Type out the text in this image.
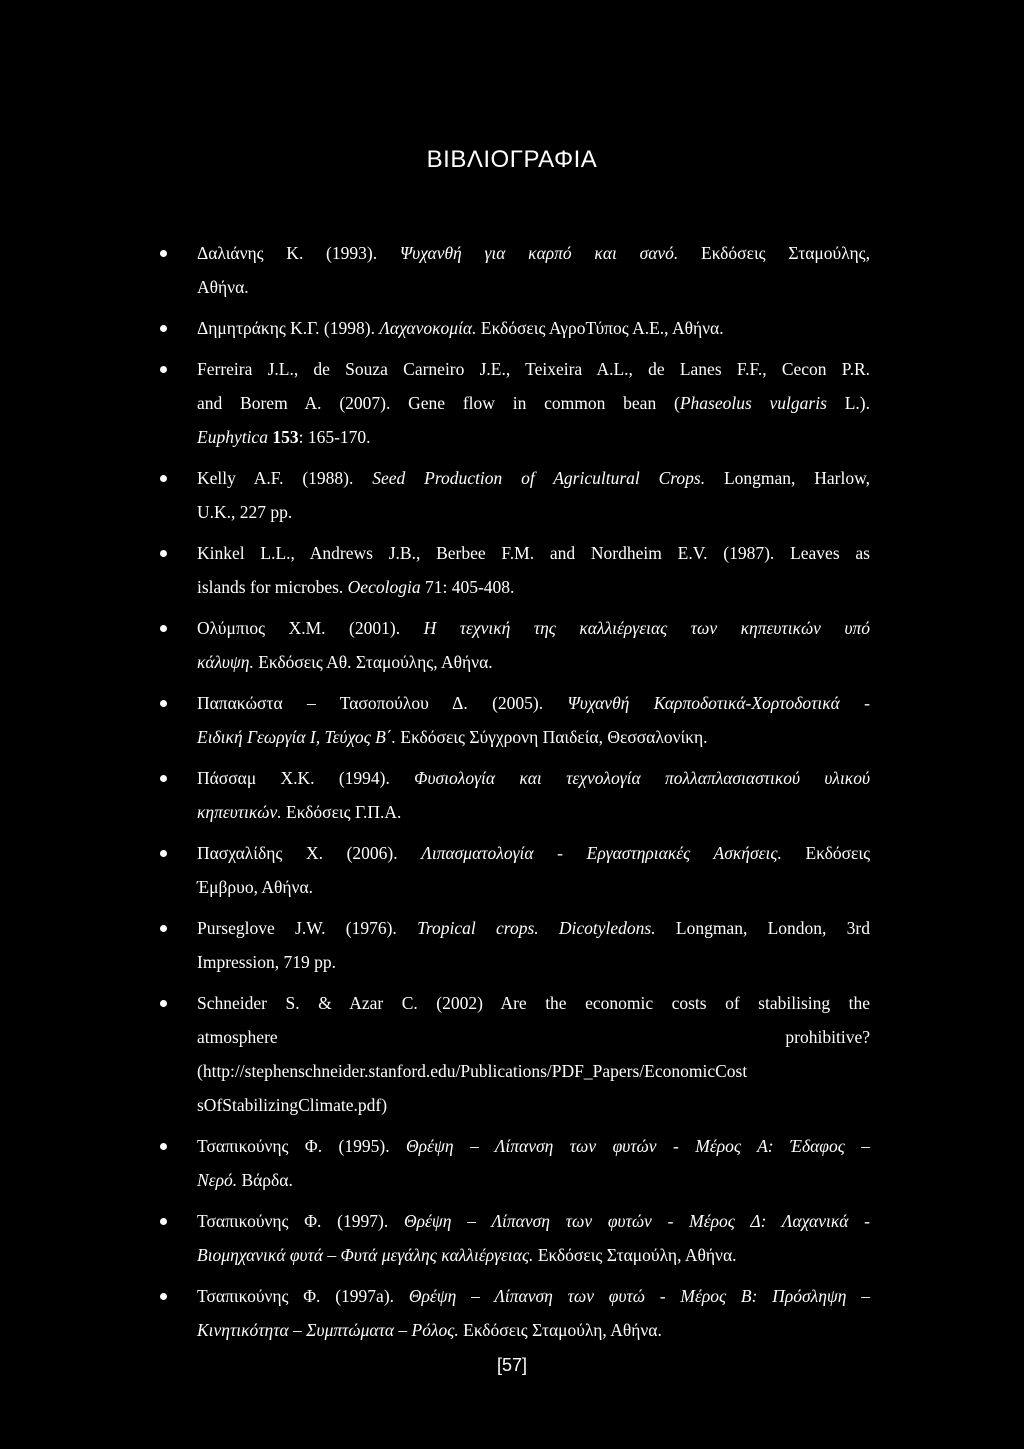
ΒΙΒΛΙΟΓΡΑΦΙΑ
Δαλιάνης Κ. (1993). Ψυχανθή για καρπό και σανό. Εκδόσεις Σταμούλης,
Αθήνα.
Δημητράκης Κ.Γ. (1998). Λαχανοκομία. Εκδόσεις ΑγροΤύπος Α.Ε., Αθήνα.
Ferreira J.L., de Souza Carneiro J.E., Teixeira A.L., de Lanes F.F., Cecon P.R.
and Borem A. (2007). Gene flow in common bean (Phaseolus vulgaris L.).
Euphytica 153: 165-170.
Kelly A.F. (1988). Seed Production of Agricultural Crops. Longman, Harlow,
U.K., 227 pp.
Kinkel L.L., Andrews J.B., Berbee F.M. and Nordheim E.V. (1987). Leaves as
islands for microbes. Oecologia 71: 405-408.
Ολύμπιος Χ.Μ. (2001). Η τεχνική της καλλιέργειας των κηπευτικών υπό
κάλυψη. Εκδόσεις Αθ. Σταμούλης, Αθήνα.
Παπακώστα – Τασοπούλου Δ. (2005). Ψυχανθή Καρποδοτικά-Χορτοδοτικά -
Ειδική Γεωργία Ι, Τεύχος Β΄. Εκδόσεις Σύγχρονη Παιδεία, Θεσσαλονίκη.
Πάσσαμ Χ.Κ. (1994). Φυσιολογία και τεχνολογία πολλαπλασιαστικού υλικού
κηπευτικών. Εκδόσεις Γ.Π.Α.
Πασχαλίδης Χ. (2006). Λιπασματολογία - Εργαστηριακές Ασκήσεις. Εκδόσεις
Έμβρυο, Αθήνα.
Purseglove J.W. (1976). Tropical crops. Dicotyledons. Longman, London, 3rd
Impression, 719 pp.
Schneider S. & Azar C. (2002) Are the economic costs of stabilising the
atmosphere prohibitive?
(http://stephenschneider.stanford.edu/Publications/PDF_Papers/EconomicCost
sOfStabilizingClimate.pdf)
Τσαπικούνης Φ. (1995). Θρέψη – Λίπανση των φυτών - Μέρος Α: Έδαφος –
Νερό. Βάρδα.
Τσαπικούνης Φ. (1997). Θρέψη – Λίπανση των φυτών - Μέρος Δ: Λαχανικά -
Βιομηχανικά φυτά – Φυτά μεγάλης καλλιέργειας. Εκδόσεις Σταμούλη, Αθήνα.
Τσαπικούνης Φ. (1997a). Θρέψη – Λίπανση των φυτώ - Μέρος Β: Πρόσληψη –
Κινητικότητα – Συμπτώματα – Ρόλος. Εκδόσεις Σταμούλη, Αθήνα.
[57]
